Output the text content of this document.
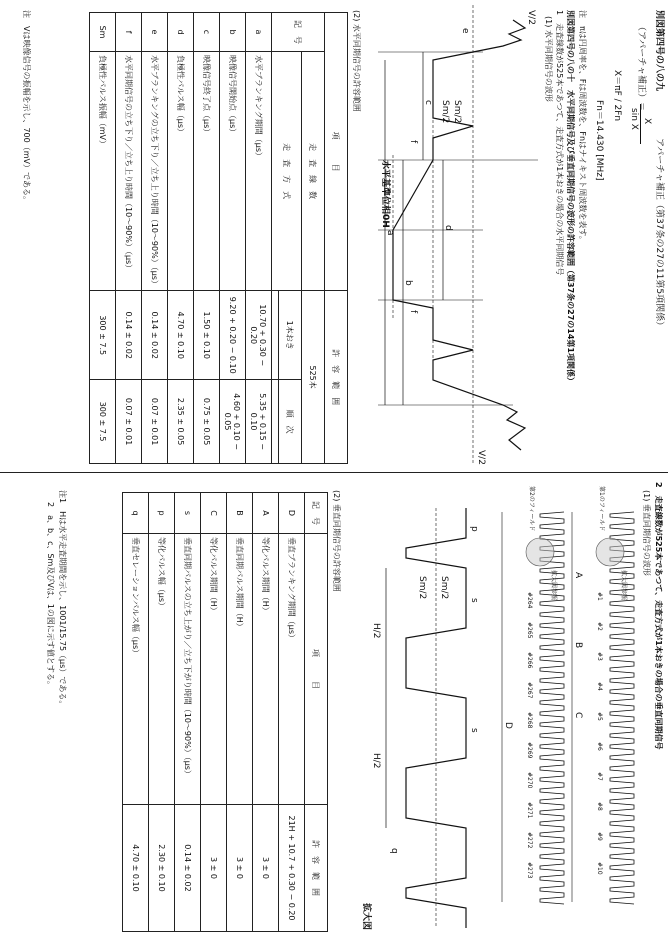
別図第四号の八の九
アパーチャ補正（第37条の27の11第5項関係）
（アパーチャ補正）＝
X
sin X
X＝πF / 2Fn
Fn＝14.430 [MHz]
注　πは円周率を、Fは周波数を、Fnはナイキスト周波数を表す。
別図第四号の八の十　水平同期信号及び垂直同期信号の波形の許容範囲（第37条の27の14第1項関係）
1　走査線数が525本であつて、走査方式が1本おきの場合の水平同期信号
(1) 水平同期信号の波形
V/2
V/2
a
b
c
d
e
f
f
Sm/2
Sm/2
水平基準位相0H
(2) 水平同期信号の許容範囲
項　　　目		許　容　範　囲	
記　号	走　査　線　数	525本	
	走　査　方　式	1本おき	順　次

a	水平ブランキング期間（μs）	10.70 + 0.30 − 0.20	5.35 + 0.15 − 0.10
b	映像信号開始点（μs）	9.20 + 0.20 − 0.10	4.60 + 0.10 − 0.05
c	映像信号終了点（μs）	1.50 ± 0.10	0.75 ± 0.05
d	負極性パルス幅（μs）	4.70 ± 0.10	2.35 ± 0.05
e	水平ブランキングの立ち下り／立ち上り時間（10〜90%）（μs）	0.14 ± 0.02	0.07 ± 0.01
f	水平同期信号の立ち下り／立ち上り時間（10〜90%）（μs）	0.14 ± 0.02	0.07 ± 0.01
Sm	負極性パルス振幅（mV）	300 ± 7.5	300 ± 7.5
注　Vは映像信号の振幅を示し、700（mV）である。
2　走査線数が525本であつて、走査方式が1本おきの場合の垂直同期信号
(1) 垂直同期信号の波形
#1
#2
#3
#4
#5
#6
#7
#8
#9
#10
#264
#265
#266
#267
#268
#269
#270
#271
#272
#273
A
B
C
D
第1のフィールド
第2のフィールド
拡大図参照
拡大図参照
H/2
H/2
p
q
s
s
Sm/2
Sm/2
拡大図
(2) 垂直同期信号の許容範囲
記　号	項　　　目	許　容　範　囲
D	垂直ブランキング期間（μs）	21H + 10.7 + 0.30 − 0.20
A	等化パルス期間（H）	3 ± 0
B	垂直同期パルス期間（H）	3 ± 0
C	等化パルス期間（H）	3 ± 0
s	垂直同期パルスの立ち上がり／立ち下がり時間（10〜90%）（μs）	0.14 ± 0.02
p	等化パルス幅（μs）	2.30 ± 0.10
q	垂直セレーションパルス幅（μs）	4.70 ± 0.10
注1　Hは水平走査期間を示し、1001/15.75（μs）である。
2　a、b、c、Sm及びVは、1の図に示す値とする。
